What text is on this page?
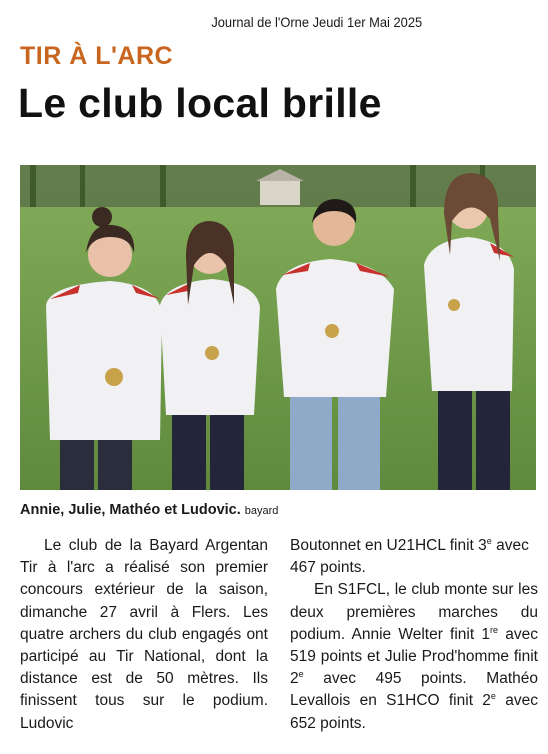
Journal de l'Orne Jeudi 1er Mai 2025
TIR À L'ARC
Le club local brille
Annie, Julie, Mathéo et Ludovic. bayard

Le club de la Bayard Argentan Tir à l'arc a réalisé son premier concours extérieur de la saison, dimanche 27 avril à Flers. Les quatre archers du club engagés ont participé au Tir National, dont la distance est de 50 mètres. Ils finissent tous sur le podium. Ludovic

Boutonnet en U21HCL finit 3e avec 467 points.

En S1FCL, le club monte sur les deux premières marches du podium. Annie Welter finit 1re avec 519 points et Julie Prod'homme finit 2e avec 495 points. Mathéo Levallois en S1HCO finit 2e avec 652 points.
